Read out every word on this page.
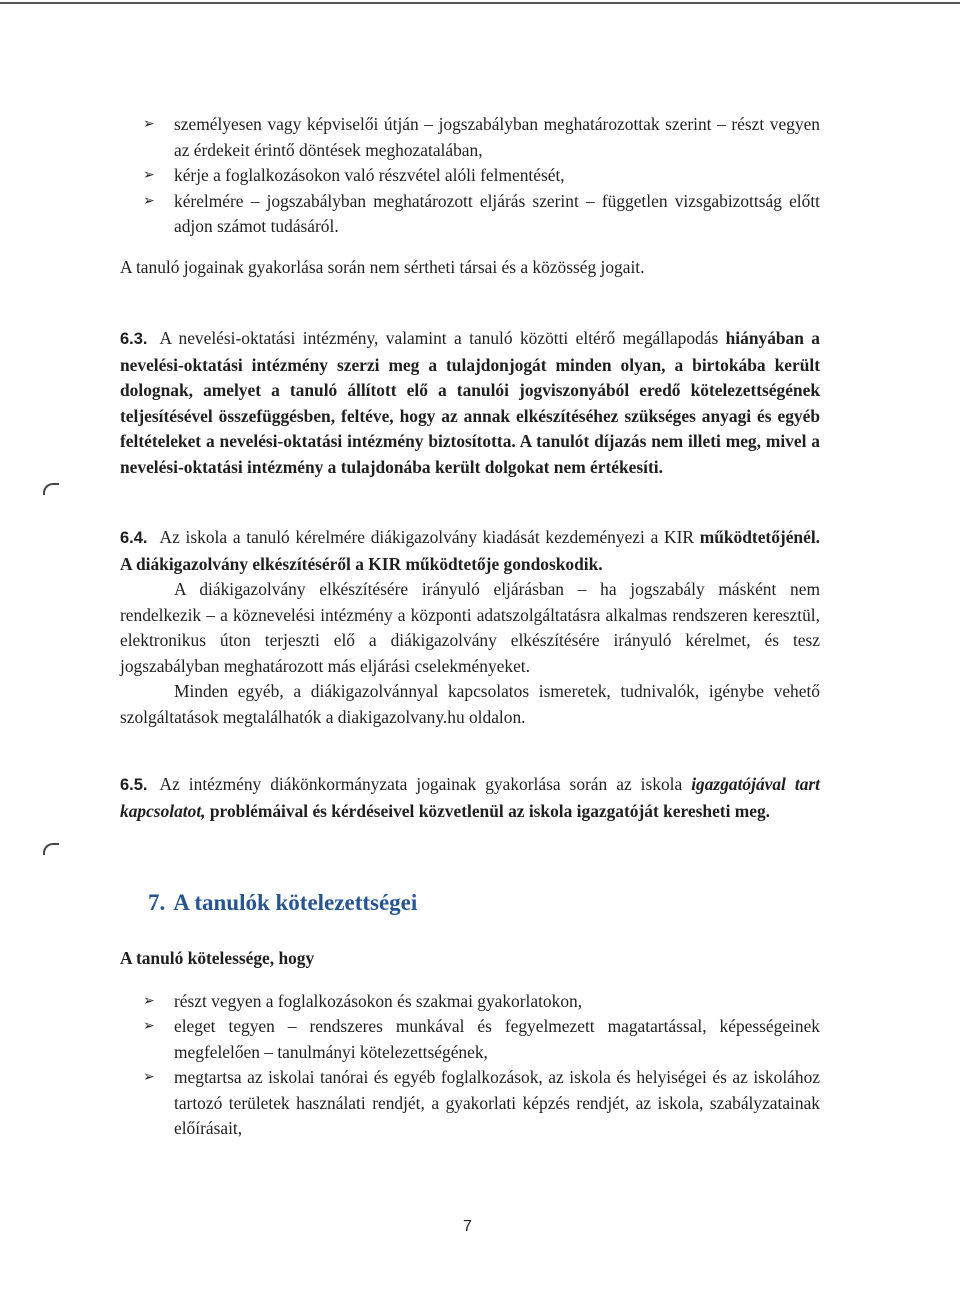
➢ személyesen vagy képviselői útján – jogszabályban meghatározottak szerint – részt vegyen az érdekeit érintő döntések meghozatalában,
➢ kérje a foglalkozásokon való részvétel alóli felmentését,
➢ kérelmére – jogszabályban meghatározott eljárás szerint – független vizsgabizottság előtt adjon számot tudásáról.

A tanuló jogainak gyakorlása során nem sértheti társai és a közösség jogait.

6.3. A nevelési-oktatási intézmény, valamint a tanuló közötti eltérő megállapodás hiányában a nevelési-oktatási intézmény szerzi meg a tulajdonjogát minden olyan, a birtokába került dolognak, amelyet a tanuló állított elő a tanulói jogviszonyából eredő kötelezettségének teljesítésével összefüggésben, feltéve, hogy az annak elkészítéséhez szükséges anyagi és egyéb feltételeket a nevelési-oktatási intézmény biztosította. A tanulót díjazás nem illeti meg, mivel a nevelési-oktatási intézmény a tulajdonába került dolgokat nem értékesíti.

6.4. Az iskola a tanuló kérelmére diákigazolvány kiadását kezdeményezi a KIR működtetőjénél. A diákigazolvány elkészítéséről a KIR működtetője gondoskodik.

A diákigazolvány elkészítésére irányuló eljárásban – ha jogszabály másként nem rendelkezik – a köznevelési intézmény a központi adatszolgáltatásra alkalmas rendszeren keresztül, elektronikus úton terjeszti elő a diákigazolvány elkészítésére irányuló kérelmet, és tesz jogszabályban meghatározott más eljárási cselekményeket.

Minden egyéb, a diákigazolvánnyal kapcsolatos ismeretek, tudnivalók, igénybe vehető szolgáltatások megtalálhatók a diakigazolvany.hu oldalon.

6.5. Az intézmény diákönkormányzata jogainak gyakorlása során az iskola igazgatójával tart kapcsolatot, problémáival és kérdéseivel közvetlenül az iskola igazgatóját keresheti meg.

7. A tanulók kötelezettségei

A tanuló kötelessége, hogy

➢ részt vegyen a foglalkozásokon és szakmai gyakorlatokon,
➢ eleget tegyen – rendszeres munkával és fegyelmezett magatartással, képességeinek megfelelően – tanulmányi kötelezettségének,
➢ megtartsa az iskolai tanórai és egyéb foglalkozások, az iskola és helyiségei és az iskolához tartozó területek használati rendjét, a gyakorlati képzés rendjét, az iskola, szabályzatainak előírásait,
7
